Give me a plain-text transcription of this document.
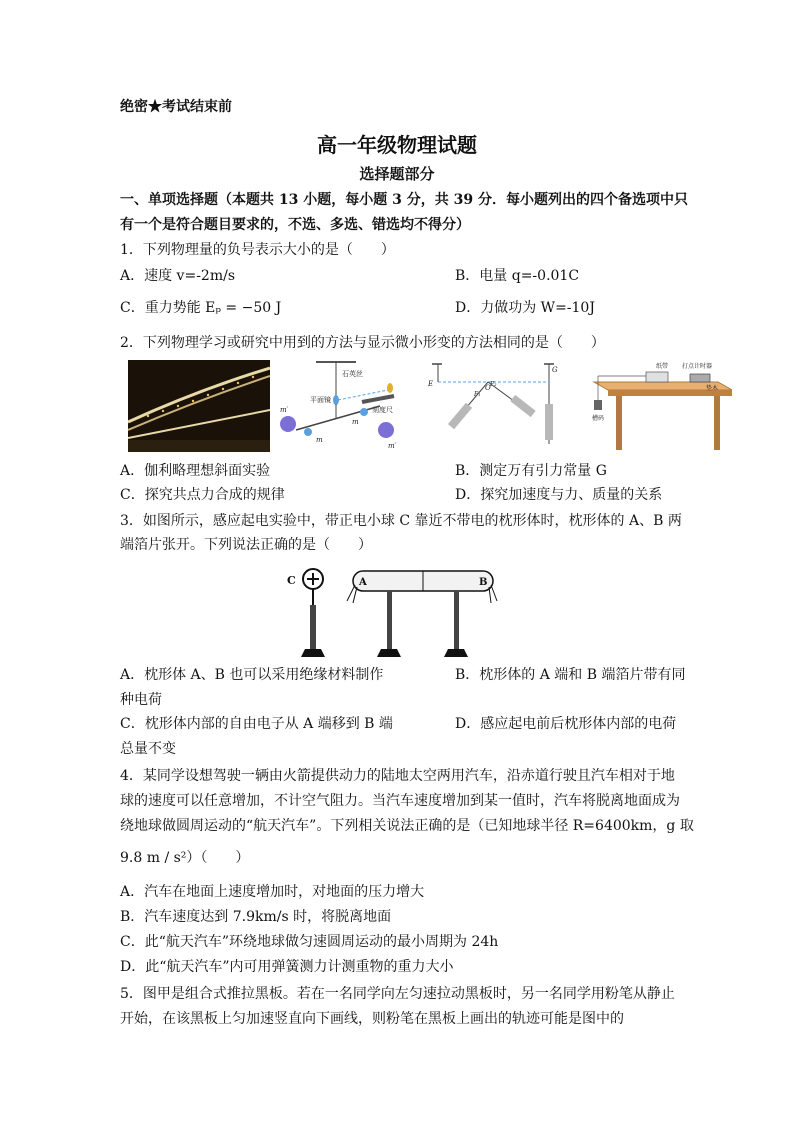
绝密★考试结束前
高一年级物理试题
选择题部分
一、单项选择题（本题共 13 小题，每小题 3 分，共 39 分．每小题列出的四个备选项中只
有一个是符合题目要求的，不选、多选、错选均不得分）
1．下列物理量的负号表示大小的是（　　）
A．速度 v=-2m/s	B．电量 q=-0.01C
C．重力势能 Eₚ = −50 J	D．力做功为 W=-10J
2．下列物理学习或研究中用到的方法与显示微小形变的方法相同的是（　　）
石英丝
平面镜
刻度尺
m′
m
m
m′
E
G
O F₂
F₁
槽码
纸带 打点计时器
垫木
A．伽利略理想斜面实验	B．测定万有引力常量 G
C．探究共点力合成的规律	D．探究加速度与力、质量的关系
3．如图所示，感应起电实验中，带正电小球 C 靠近不带电的枕形体时，枕形体的 A、B 两
端箔片张开。下列说法正确的是（　　）
C	A	B
A．枕形体 A、B 也可以采用绝缘材料制作	B．枕形体的 A 端和 B 端箔片带有同
种电荷
C．枕形体内部的自由电子从 A 端移到 B 端	D．感应起电前后枕形体内部的电荷
总量不变
4．某同学设想驾驶一辆由火箭提供动力的陆地太空两用汽车，沿赤道行驶且汽车相对于地
球的速度可以任意增加，不计空气阻力。当汽车速度增加到某一值时，汽车将脱离地面成为
绕地球做圆周运动的“航天汽车”。下列相关说法正确的是（已知地球半径 R=6400km，g 取
9.8 m / s²）（　　）
A．汽车在地面上速度增加时，对地面的压力增大
B．汽车速度达到 7.9km/s 时，将脱离地面
C．此“航天汽车”环绕地球做匀速圆周运动的最小周期为 24h
D．此“航天汽车”内可用弹簧测力计测重物的重力大小
5．图甲是组合式推拉黑板。若在一名同学向左匀速拉动黑板时，另一名同学用粉笔从静止
开始，在该黑板上匀加速竖直向下画线，则粉笔在黑板上画出的轨迹可能是图中的
